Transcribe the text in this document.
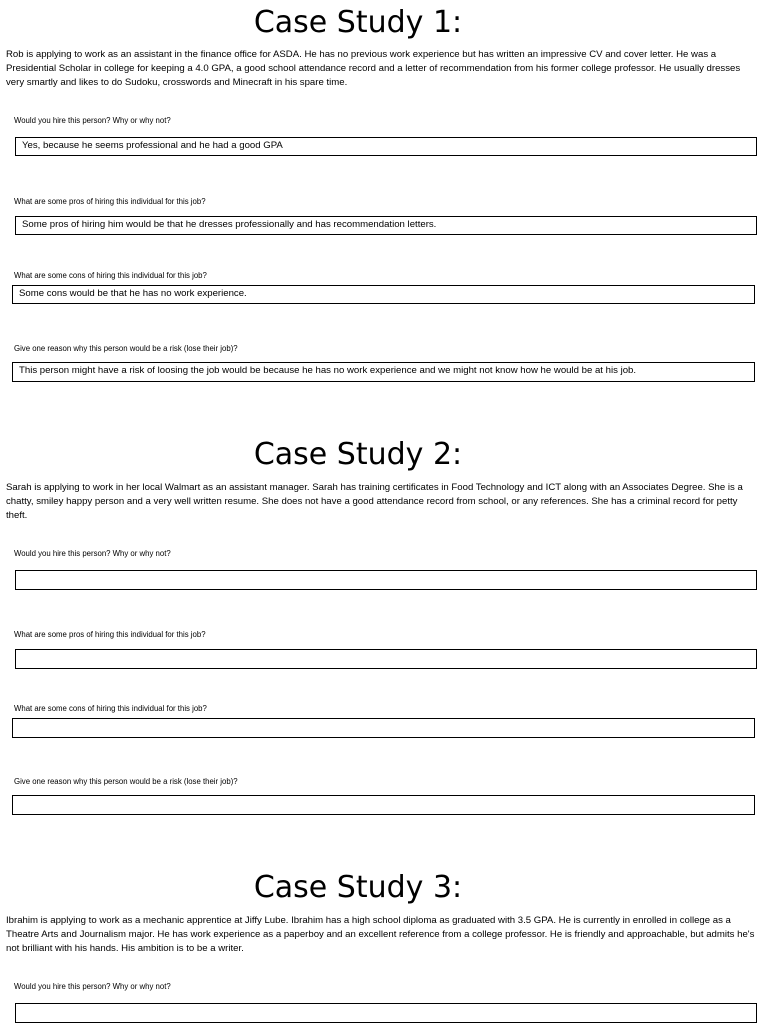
Case Study 1:

Rob is applying to work as an assistant in the finance office for ASDA. He has no previous work experience but has written an impressive CV and cover letter. He was a Presidential Scholar in college for keeping a 4.0 GPA, a good school attendance record and a letter of recommendation from his former college professor. He usually dresses very smartly and likes to do Sudoku, crosswords and Minecraft in his spare time.

Would you hire this person? Why or why not?

Yes, because he seems professional and he had a good GPA

What are some pros of hiring this individual for this job?

Some pros of hiring him would be that he dresses professionally and has recommendation letters.

What are some cons of hiring this individual for this job?

Some cons would be that he has no work experience.

Give one reason why this person would be a risk (lose their job)?

This person might have a risk of loosing the job would be because he has no work experience and we might not know how he would be at his job.
Case Study 2:

Sarah is applying to work in her local Walmart as an assistant manager. Sarah has training certificates in Food Technology and ICT along with an Associates Degree. She is a chatty, smiley happy person and a very well written resume. She does not have a good attendance record from school, or any references. She has a criminal record for petty theft.

Would you hire this person? Why or why not?

What are some pros of hiring this individual for this job?

What are some cons of hiring this individual for this job?

Give one reason why this person would be a risk (lose their job)?

Case Study 3:

Ibrahim is applying to work as a mechanic apprentice at Jiffy Lube. Ibrahim has a high school diploma as graduated with 3.5 GPA. He is currently in enrolled in college as a Theatre Arts and Journalism major. He has work experience as a paperboy and an excellent reference from a college professor. He is friendly and approachable, but admits he's not brilliant with his hands. His ambition is to be a writer.

Would you hire this person? Why or why not?
